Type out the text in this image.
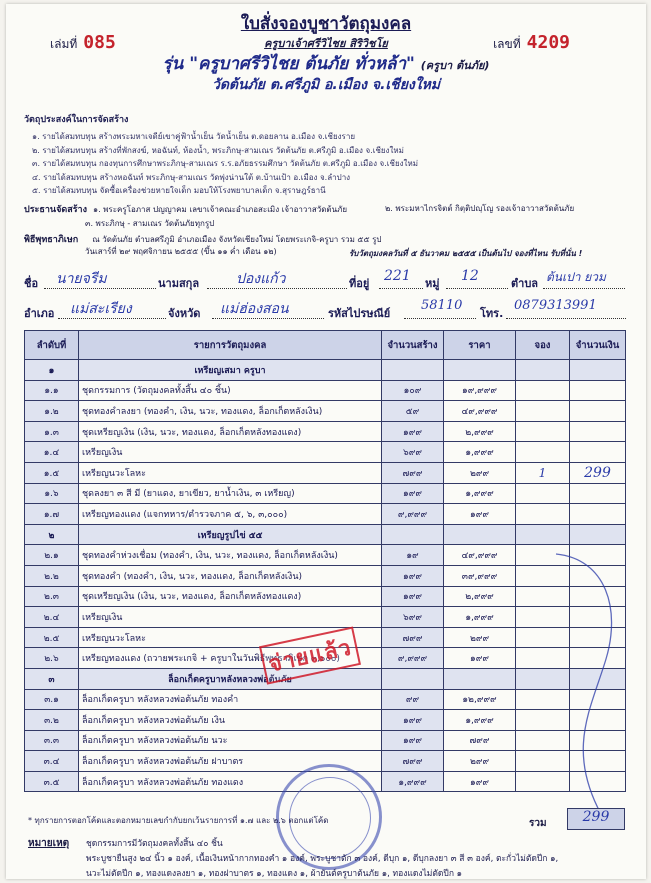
ใบสั่งจองบูชาวัตถุมงคล
เล่มที่ 085	เลขที่ 4209
ครูบาเจ้าศรีวิไชย สิริวิชโย
รุ่น "ครูบาศรีวิไชย ต้นภัย ทั่วหล้า" (ครูบา ต้นภัย)
วัดต้นภัย ต.ศรีภูมิ อ.เมือง จ.เชียงใหม่
วัตถุประสงค์ในการจัดสร้าง
๑. รายได้สมทบทุน สร้างพระมหาเจดีย์เขาคู่ฟ้าน้ำเย็น วัดน้ำเย็น ต.ดอยลาน อ.เมือง จ.เชียงราย
๒. รายได้สมทบทุน สร้างที่พักสงฆ์, หอฉันท์, ห้องน้ำ, พระภิกษุ-สามเณร วัดต้นภัย ต.ศรีภูมิ อ.เมือง จ.เชียงใหม่
๓. รายได้สมทบทุน กองทุนการศึกษาพระภิกษุ-สามเณร ร.ร.อภัยธรรมศึกษา วัดต้นภัย ต.ศรีภูมิ อ.เมือง จ.เชียงใหม่
๔. รายได้สมทบทุน สร้างหอฉันท์ พระภิกษุ-สามเณร วัดพุ่งน่านใต้ ต.บ้านเป้า อ.เมือง จ.ลำปาง
๕. รายได้สมทบทุน จัดซื้อเครื่องช่วยหายใจเด็ก มอบให้โรงพยาบาลเด็ก จ.สุราษฎร์ธานี
ประธานจัดสร้าง ๑. พระครูโอภาส ปญญาคม เลขาเจ้าคณะอำเภอสะเมิง เจ้าอาวาสวัดต้นภัย	๒. พระมหาไกรจิตต์ กิตฺติปญฺโญ รองเจ้าอาวาสวัดต้นภัย
๓. พระภิกษุ - สามเณร วัดต้นภัยทุกรูป
พิธีพุทธาภิเษก ณ วัดต้นภัย ตำบลศรีภูมิ อำเภอเมือง จังหวัดเชียงใหม่ โดยพระเกจิ-ครูบา รวม ๕๕ รูป
วันเสาร์ที่ ๒๙ พฤศจิกายน ๒๕๕๕ (ขึ้น ๑๑ ค่ำ เดือน ๑๒)	รับวัตถุมงคลวันที่ ๕ ธันวาคม ๒๕๕๕ เป็นต้นไป จองที่ไหน รับที่นั่น !
ชื่อ นายจรีม	นามสกุล	ปองแก้ว	ที่อยู่ 221 หมู่ 12	ตำบล ต้นเปา ยวม
อำเภอ แม่สะเรียง	จังหวัด แม่ฮ่องสอน	รหัสไปรษณีย์
58110
โทร.
0879313991
ลำดับที่	รายการวัตถุมงคล	จำนวนสร้าง	ราคา	จอง	จำนวนเงิน
๑	เหรียญเสมา ครูบา				
๑.๑	ชุดกรรมการ (วัตถุมงคลทั้งสิ้น ๔๐ ชิ้น)	๑๐๙	๑๙,๙๙๙		
๑.๒	ชุดทองคำลงยา (ทองคำ, เงิน, นวะ, ทองแดง, ล็อกเก็ตหลังเงิน)	๕๙	๔๙,๙๙๙		
๑.๓	ชุดเหรียญเงิน (เงิน, นวะ, ทองแดง, ล็อกเก็ตหลังทองแดง)	๑๙๙	๒,๙๙๙		
๑.๔	เหรียญเงิน	๖๙๙	๑,๙๙๙		
๑.๕	เหรียญนวะโลหะ	๗๙๙	๒๙๙	1	299
๑.๖	ชุดลงยา ๓ สี มี (ยาแดง, ยาเขียว, ยาน้ำเงิน, ๓ เหรียญ)	๑๙๙	๑,๙๙๙		
๑.๗	เหรียญทองแดง (แจกทหาร/ตำรวจภาค ๕, ๖, ๓,๐๐๐)	๙,๙๙๙	๑๙๙		
๒	เหรียญรูปไข่ ๕๕				
๒.๑	ชุดทองคำห่วงเชื่อม (ทองคำ, เงิน, นวะ, ทองแดง, ล็อกเก็ตหลังเงิน)	๑๙	๔๙,๙๙๙		
๒.๒	ชุดทองคำ (ทองคำ, เงิน, นวะ, ทองแดง, ล็อกเก็ตหลังเงิน)	๑๙๙	๓๙,๙๙๙		
๒.๓	ชุดเหรียญเงิน (เงิน, นวะ, ทองแดง, ล็อกเก็ตหลังทองแดง)	๑๙๙	๒,๙๙๙		
๒.๔	เหรียญเงิน	๖๙๙	๑,๙๙๙		
๒.๕	เหรียญนวะโลหะ	๗๙๙	๒๙๙		
๒.๖	เหรียญทองแดง (ถวายพระเกจิ + ครูบาในวันพิธีพุทธาภิเษก ๓,๐๐๐)	๙,๙๙๙	๑๙๙		
๓	ล็อกเก็ตครูบาหลังหลวงพ่อต้นภัย				
๓.๑	ล็อกเก็ตครูบา หลังหลวงพ่อต้นภัย ทองคำ	๙๙	๑๒,๙๙๙		
๓.๒	ล็อกเก็ตครูบา หลังหลวงพ่อต้นภัย เงิน	๑๙๙	๑,๙๙๙		
๓.๓	ล็อกเก็ตครูบา หลังหลวงพ่อต้นภัย นวะ	๑๙๙	๗๙๙		
๓.๔	ล็อกเก็ตครูบา หลังหลวงพ่อต้นภัย ฝาบาตร	๗๙๙	๒๙๙		
๓.๕	ล็อกเก็ตครูบา หลังหลวงพ่อต้นภัย ทองแดง	๑,๙๙๙	๑๙๙		
จ่ายแล้ว
* ทุกรายการตอกโค้ดและตอกหมายเลขกำกับยกเว้นรายการที่ ๑.๗ และ ๒.๖ ตอกแต่โค้ด	รวม	299
หมายเหตุ ชุดกรรมการมีวัตถุมงคลทั้งสิ้น ๔๐ ชิ้น
พระบูชายืนสูง ๒๔ นิ้ว ๑ องค์, เนื้อเงินหน้ากากทองคำ ๑ องค์, พระบูชาตัก ๓ องค์, ดีบุก ๑, ดีบุกลงยา ๓ สี ๓ องค์, ตะกั่วไม่ตัดปีก ๑,
นวะไม่ตัดปีก ๑, ทองแดงลงยา ๑, ทองฝาบาตร ๑, ทองแดง ๑, ผ้ายันต์ครูบาต้นภัย ๑, ทองแดงไม่ตัดปีก ๑
